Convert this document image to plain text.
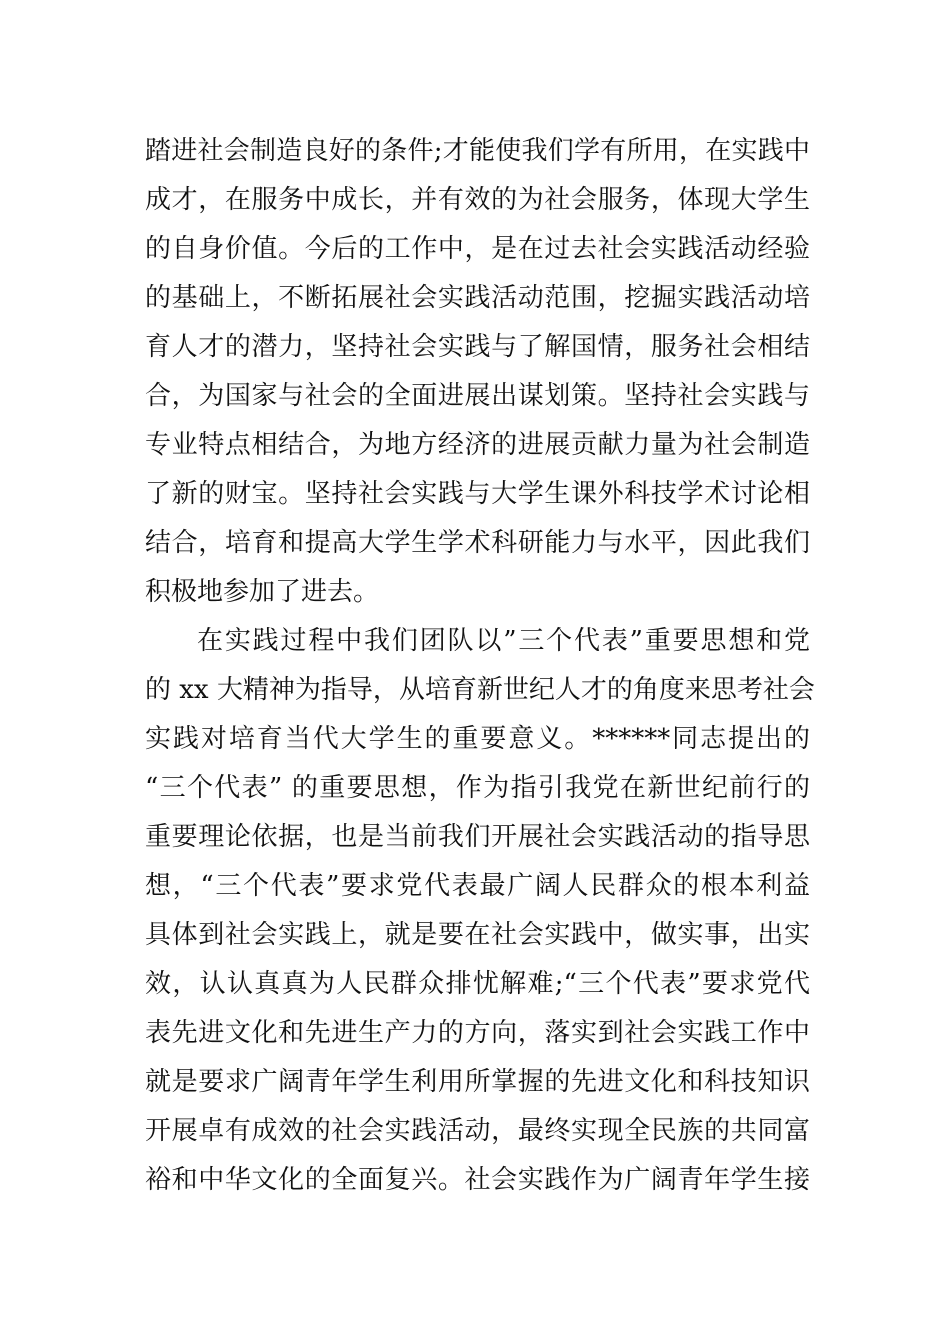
踏进社会制造良好的条件;才能使我们学有所用，在实践中
成才，在服务中成长，并有效的为社会服务，体现大学生
的自身价值。今后的工作中，是在过去社会实践活动经验
的基础上，不断拓展社会实践活动范围，挖掘实践活动培
育人才的潜力，坚持社会实践与了解国情，服务社会相结
合，为国家与社会的全面进展出谋划策。坚持社会实践与
专业特点相结合，为地方经济的进展贡献力量为社会制造
了新的财宝。坚持社会实践与大学生课外科技学术讨论相
结合，培育和提高大学生学术科研能力与水平，因此我们
积极地参加了进去。
在实践过程中我们团队以”三个代表”重要思想和党
的 xx 大精神为指导，从培育新世纪人才的角度来思考社会
实践对培育当代大学生的重要意义。******同志提出的
“三个代表” 的重要思想，作为指引我党在新世纪前行的
重要理论依据，也是当前我们开展社会实践活动的指导思
想，“三个代表”要求党代表最广阔人民群众的根本利益
具体到社会实践上，就是要在社会实践中，做实事，出实
效，认认真真为人民群众排忧解难;“三个代表”要求党代
表先进文化和先进生产力的方向，落实到社会实践工作中
就是要求广阔青年学生利用所掌握的先进文化和科技知识
开展卓有成效的社会实践活动，最终实现全民族的共同富
裕和中华文化的全面复兴。社会实践作为广阔青年学生接
